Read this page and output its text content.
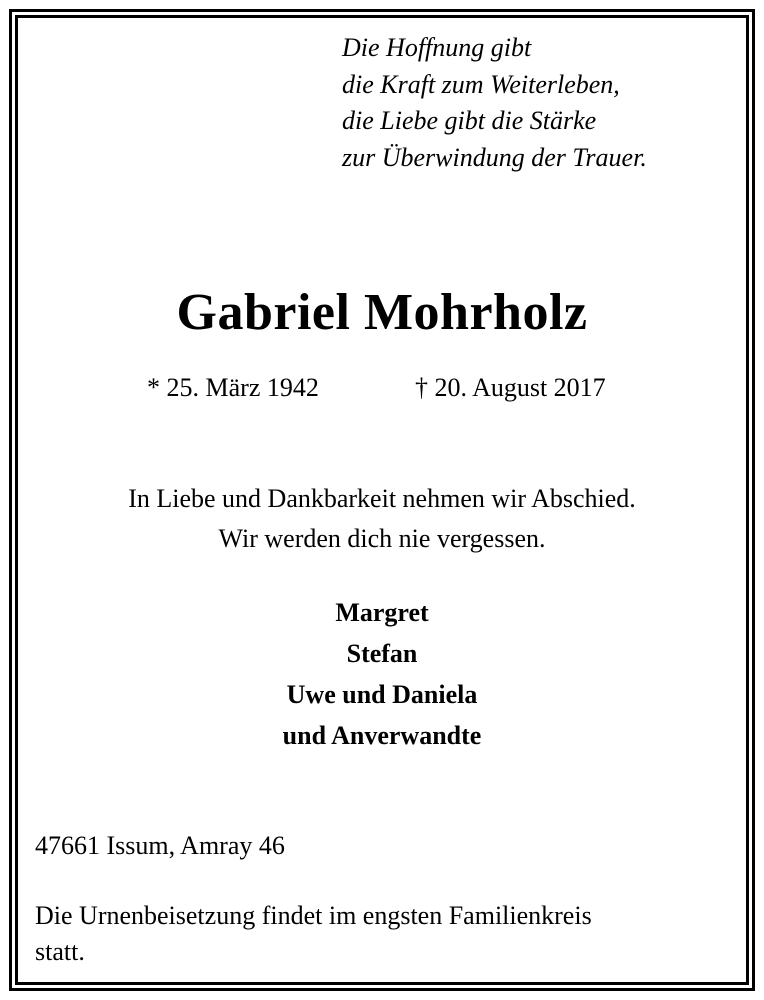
Die Hoffnung gibt
die Kraft zum Weiterleben,
die Liebe gibt die Stärke
zur Überwindung der Trauer.
Gabriel Mohrholz
* 25. März 1942	† 20. August 2017
In Liebe und Dankbarkeit nehmen wir Abschied.
Wir werden dich nie vergessen.
Margret
Stefan
Uwe und Daniela
und Anverwandte
47661 Issum, Amray 46
Die Urnenbeisetzung findet im engsten Familienkreis
statt.
